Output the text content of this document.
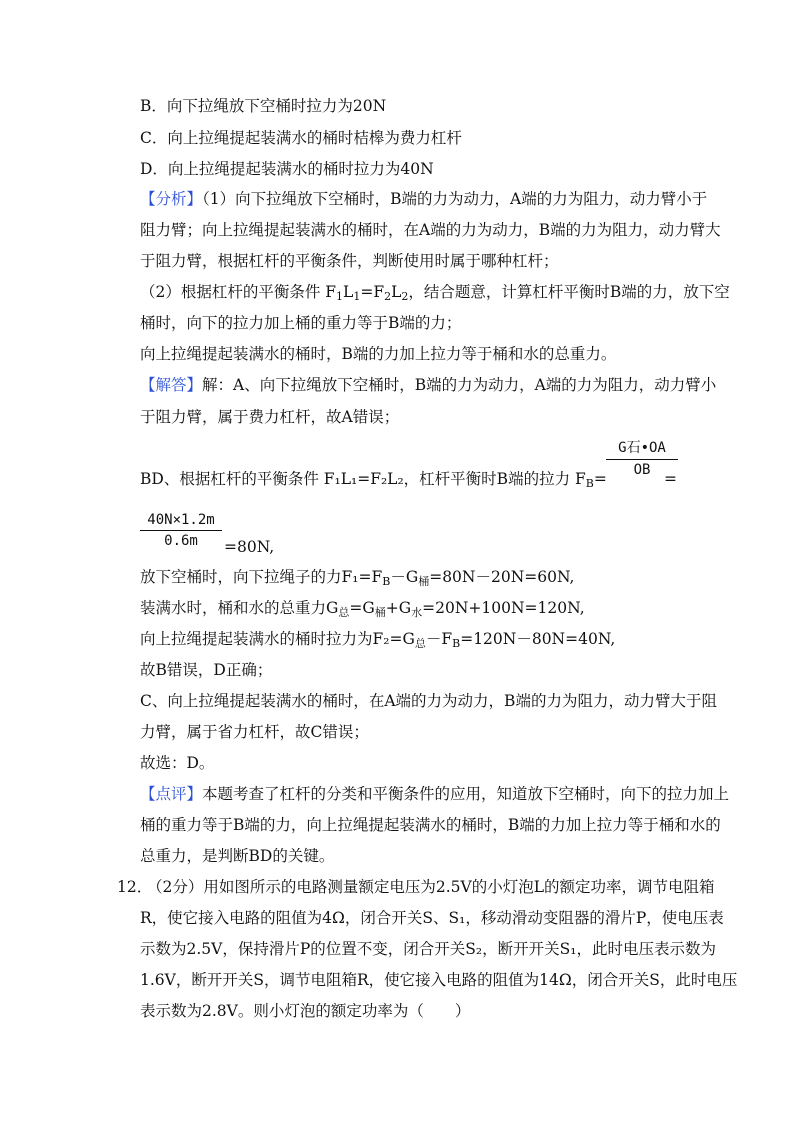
B．向下拉绳放下空桶时拉力为20N
C．向上拉绳提起装满水的桶时桔槔为费力杠杆
D．向上拉绳提起装满水的桶时拉力为40N
【分析】（1）向下拉绳放下空桶时，B端的力为动力，A端的力为阻力，动力臂小于
阻力臂；向上拉绳提起装满水的桶时，在A端的力为动力，B端的力为阻力，动力臂大
于阻力臂，根据杠杆的平衡条件，判断使用时属于哪种杠杆；
（2）根据杠杆的平衡条件 F1L1=F2L2，结合题意，计算杠杆平衡时B端的力，放下空
桶时，向下的拉力加上桶的重力等于B端的力；
向上拉绳提起装满水的桶时，B端的力加上拉力等于桶和水的总重力。
【解答】解：A、向下拉绳放下空桶时，B端的力为动力，A端的力为阻力，动力臂小
于阻力臂，属于费力杠杆，故A错误；
BD、根据杠杆的平衡条件 F₁L₁=F₂L₂，杠杆平衡时B端的拉力 FB=
G石•OA
OB =
40N×1.2m
0.6m	=80N,
放下空桶时，向下拉绳子的力F₁=FB－G桶=80N－20N=60N,
装满水时，桶和水的总重力G总=G桶+G水=20N+100N=120N,
向上拉绳提起装满水的桶时拉力为F₂=G总－FB=120N－80N=40N,
故B错误，D正确；
C、向上拉绳提起装满水的桶时，在A端的力为动力，B端的力为阻力，动力臂大于阻
力臂，属于省力杠杆，故C错误；
故选：D。
【点评】本题考查了杠杆的分类和平衡条件的应用，知道放下空桶时，向下的拉力加上
桶的重力等于B端的力，向上拉绳提起装满水的桶时，B端的力加上拉力等于桶和水的
总重力，是判断BD的关键。
12．
（2分）用如图所示的电路测量额定电压为2.5V的小灯泡L的额定功率，调节电阻箱
R，使它接入电路的阻值为4Ω，闭合开关S、S₁，移动滑动变阻器的滑片P，使电压表
示数为2.5V，保持滑片P的位置不变，闭合开关S₂，断开开关S₁，此时电压表示数为
1.6V，断开开关S，调节电阻箱R，使它接入电路的阻值为14Ω，闭合开关S，此时电压
表示数为2.8V。则小灯泡的额定功率为（　　）
